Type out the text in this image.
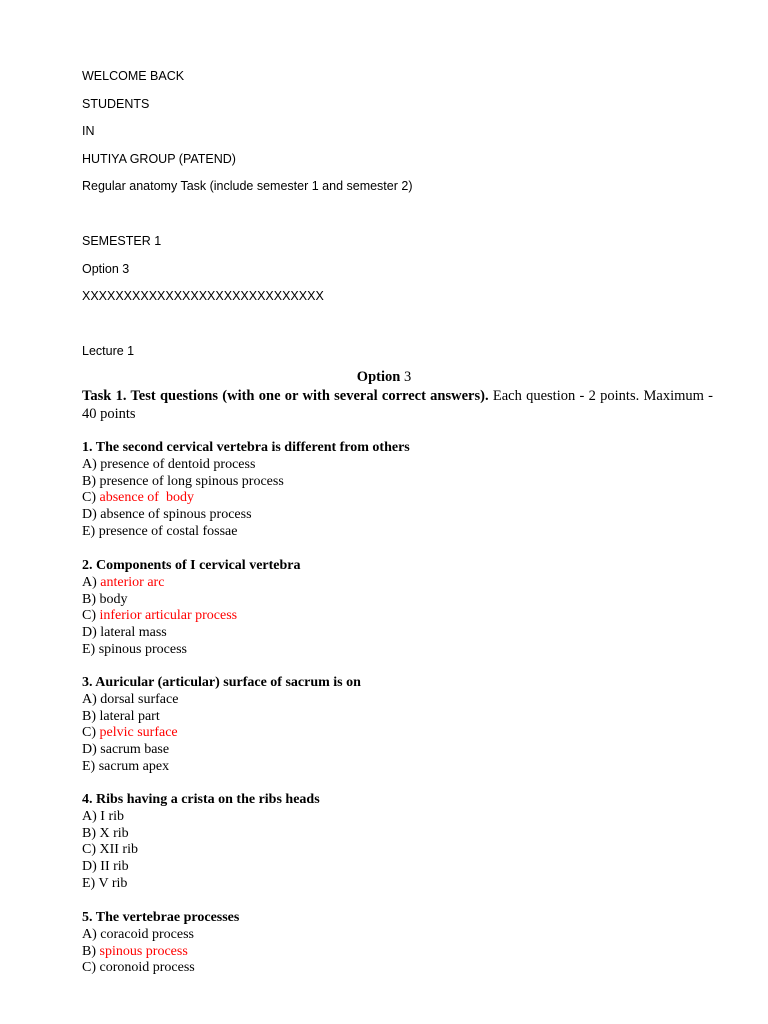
WELCOME BACK
STUDENTS
IN
HUTIYA GROUP (PATEND)
Regular anatomy Task (include semester 1 and semester 2)
SEMESTER 1
Option 3
XXXXXXXXXXXXXXXXXXXXXXXXXXXXX
Lecture 1
Option 3
Task 1. Test questions (with one or with several correct answers). Each question - 2 points. Maximum - 40 points
1. The second cervical vertebra is different from others
A) presence of dentoid process
B) presence of long spinous process
C) absence of  body
D) absence of spinous process
E) presence of costal fossae
2. Components of I cervical vertebra
A) anterior arc
B) body
C) inferior articular process
D) lateral mass
E) spinous process
3. Auricular (articular) surface of sacrum is on
A) dorsal surface
B) lateral part
C) pelvic surface
D) sacrum base
E) sacrum apex
4. Ribs having a crista on the ribs heads
A) I rib
B) X rib
C) XII rib
D) II rib
E) V rib
5. The vertebrae processes
A) coracoid process
B) spinous process
C) coronoid process
